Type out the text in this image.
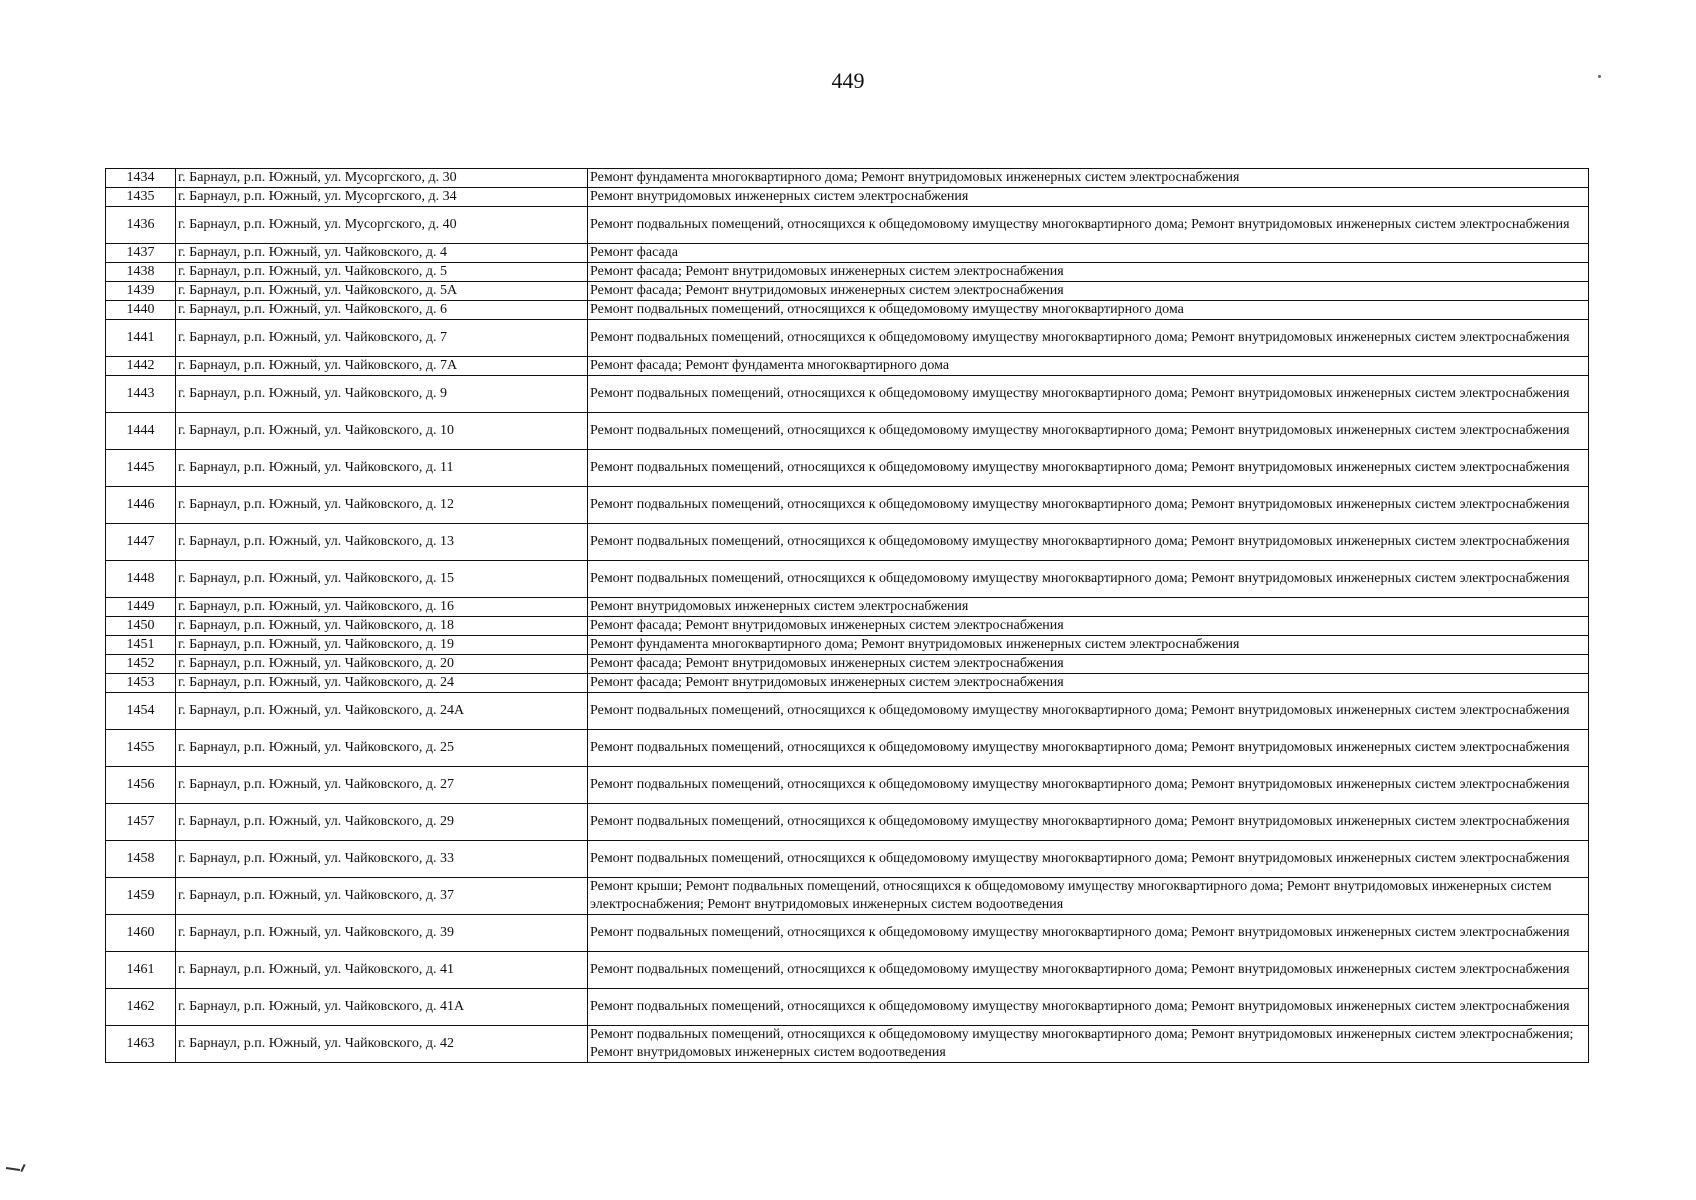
449
1434	г. Барнаул, р.п. Южный, ул. Мусоргского, д. 30	Ремонт фундамента многоквартирного дома; Ремонт внутридомовых инженерных систем электроснабжения
1435	г. Барнаул, р.п. Южный, ул. Мусоргского, д. 34	Ремонт внутридомовых инженерных систем электроснабжения
1436	г. Барнаул, р.п. Южный, ул. Мусоргского, д. 40	Ремонт подвальных помещений, относящихся к общедомовому имуществу многоквартирного дома; Ремонт внутридомовых инженерных систем электроснабжения
1437	г. Барнаул, р.п. Южный, ул. Чайковского, д. 4	Ремонт фасада
1438	г. Барнаул, р.п. Южный, ул. Чайковского, д. 5	Ремонт фасада; Ремонт внутридомовых инженерных систем электроснабжения
1439	г. Барнаул, р.п. Южный, ул. Чайковского, д. 5А	Ремонт фасада; Ремонт внутридомовых инженерных систем электроснабжения
1440	г. Барнаул, р.п. Южный, ул. Чайковского, д. 6	Ремонт подвальных помещений, относящихся к общедомовому имуществу многоквартирного дома
1441	г. Барнаул, р.п. Южный, ул. Чайковского, д. 7	Ремонт подвальных помещений, относящихся к общедомовому имуществу многоквартирного дома; Ремонт внутридомовых инженерных систем электроснабжения
1442	г. Барнаул, р.п. Южный, ул. Чайковского, д. 7А	Ремонт фасада; Ремонт фундамента многоквартирного дома
1443	г. Барнаул, р.п. Южный, ул. Чайковского, д. 9	Ремонт подвальных помещений, относящихся к общедомовому имуществу многоквартирного дома; Ремонт внутридомовых инженерных систем электроснабжения
1444	г. Барнаул, р.п. Южный, ул. Чайковского, д. 10	Ремонт подвальных помещений, относящихся к общедомовому имуществу многоквартирного дома; Ремонт внутридомовых инженерных систем электроснабжения
1445	г. Барнаул, р.п. Южный, ул. Чайковского, д. 11	Ремонт подвальных помещений, относящихся к общедомовому имуществу многоквартирного дома; Ремонт внутридомовых инженерных систем электроснабжения
1446	г. Барнаул, р.п. Южный, ул. Чайковского, д. 12	Ремонт подвальных помещений, относящихся к общедомовому имуществу многоквартирного дома; Ремонт внутридомовых инженерных систем электроснабжения
1447	г. Барнаул, р.п. Южный, ул. Чайковского, д. 13	Ремонт подвальных помещений, относящихся к общедомовому имуществу многоквартирного дома; Ремонт внутридомовых инженерных систем электроснабжения
1448	г. Барнаул, р.п. Южный, ул. Чайковского, д. 15	Ремонт подвальных помещений, относящихся к общедомовому имуществу многоквартирного дома; Ремонт внутридомовых инженерных систем электроснабжения
1449	г. Барнаул, р.п. Южный, ул. Чайковского, д. 16	Ремонт внутридомовых инженерных систем электроснабжения
1450	г. Барнаул, р.п. Южный, ул. Чайковского, д. 18	Ремонт фасада; Ремонт внутридомовых инженерных систем электроснабжения
1451	г. Барнаул, р.п. Южный, ул. Чайковского, д. 19	Ремонт фундамента многоквартирного дома; Ремонт внутридомовых инженерных систем электроснабжения
1452	г. Барнаул, р.п. Южный, ул. Чайковского, д. 20	Ремонт фасада; Ремонт внутридомовых инженерных систем электроснабжения
1453	г. Барнаул, р.п. Южный, ул. Чайковского, д. 24	Ремонт фасада; Ремонт внутридомовых инженерных систем электроснабжения
1454	г. Барнаул, р.п. Южный, ул. Чайковского, д. 24А	Ремонт подвальных помещений, относящихся к общедомовому имуществу многоквартирного дома; Ремонт внутридомовых инженерных систем электроснабжения
1455	г. Барнаул, р.п. Южный, ул. Чайковского, д. 25	Ремонт подвальных помещений, относящихся к общедомовому имуществу многоквартирного дома; Ремонт внутридомовых инженерных систем электроснабжения
1456	г. Барнаул, р.п. Южный, ул. Чайковского, д. 27	Ремонт подвальных помещений, относящихся к общедомовому имуществу многоквартирного дома; Ремонт внутридомовых инженерных систем электроснабжения
1457	г. Барнаул, р.п. Южный, ул. Чайковского, д. 29	Ремонт подвальных помещений, относящихся к общедомовому имуществу многоквартирного дома; Ремонт внутридомовых инженерных систем электроснабжения
1458	г. Барнаул, р.п. Южный, ул. Чайковского, д. 33	Ремонт подвальных помещений, относящихся к общедомовому имуществу многоквартирного дома; Ремонт внутридомовых инженерных систем электроснабжения
1459	г. Барнаул, р.п. Южный, ул. Чайковского, д. 37	Ремонт крыши; Ремонт подвальных помещений, относящихся к общедомовому имуществу многоквартирного дома; Ремонт внутридомовых инженерных систем электроснабжения; Ремонт внутридомовых инженерных систем водоотведения
1460	г. Барнаул, р.п. Южный, ул. Чайковского, д. 39	Ремонт подвальных помещений, относящихся к общедомовому имуществу многоквартирного дома; Ремонт внутридомовых инженерных систем электроснабжения
1461	г. Барнаул, р.п. Южный, ул. Чайковского, д. 41	Ремонт подвальных помещений, относящихся к общедомовому имуществу многоквартирного дома; Ремонт внутридомовых инженерных систем электроснабжения
1462	г. Барнаул, р.п. Южный, ул. Чайковского, д. 41А	Ремонт подвальных помещений, относящихся к общедомовому имуществу многоквартирного дома; Ремонт внутридомовых инженерных систем электроснабжения
1463	г. Барнаул, р.п. Южный, ул. Чайковского, д. 42	Ремонт подвальных помещений, относящихся к общедомовому имуществу многоквартирного дома; Ремонт внутридомовых инженерных систем электроснабжения; Ремонт внутридомовых инженерных систем водоотведения
